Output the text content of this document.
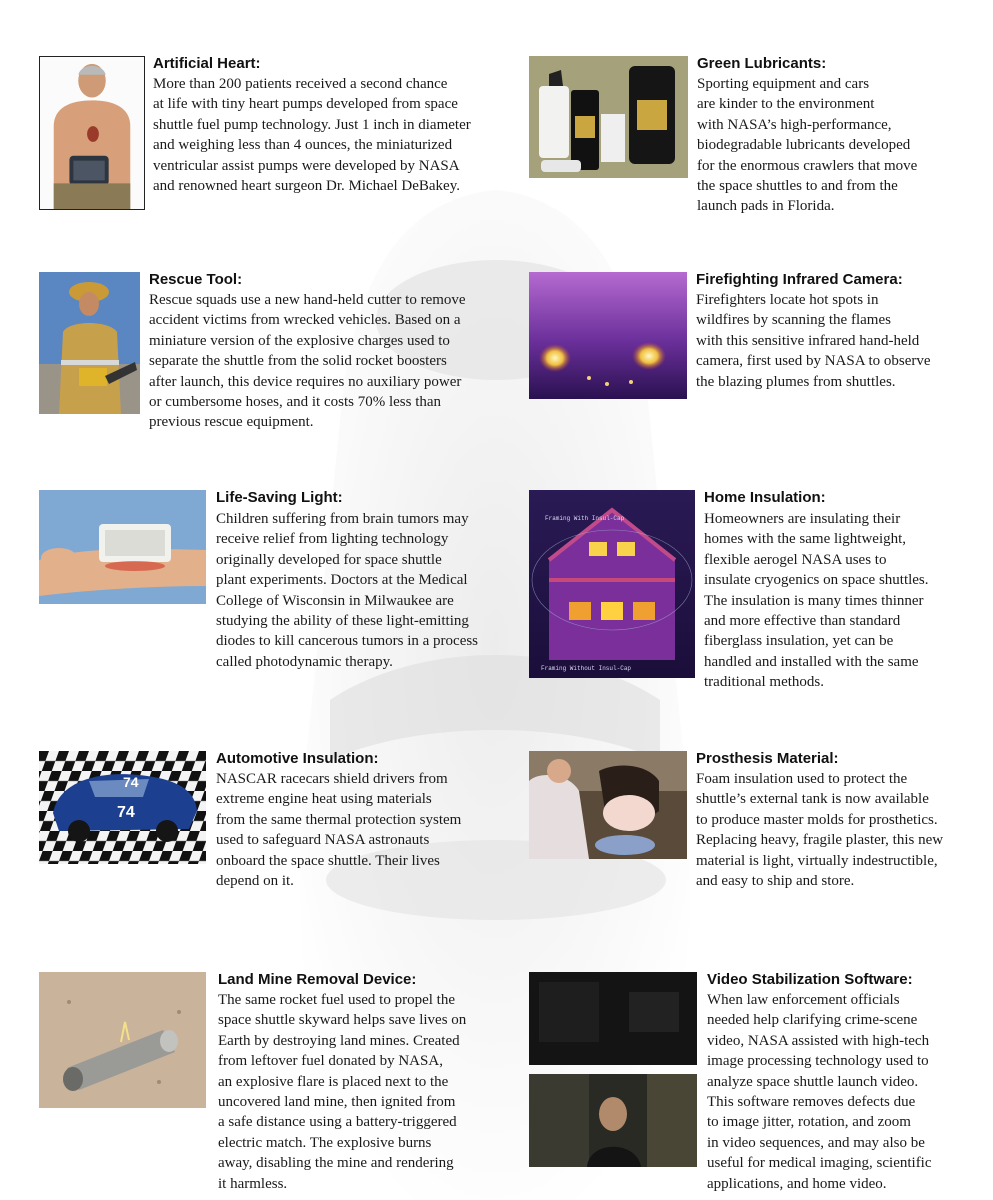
Artificial Heart:
More than 200 patients received a second chance
at life with tiny heart pumps developed from space
shuttle fuel pump technology. Just 1 inch in diameter
and weighing less than 4 ounces, the miniaturized
ventricular assist pumps were developed by NASA
and renowned heart surgeon Dr. Michael DeBakey.
Green Lubricants:
Sporting equipment and cars
are kinder to the environment
with NASA’s high-performance,
biodegradable lubricants developed
for the enormous crawlers that move
the space shuttles to and from the
launch pads in Florida.
Rescue Tool:
Rescue squads use a new hand-held cutter to remove
accident victims from wrecked vehicles. Based on a
miniature version of the explosive charges used to
separate the shuttle from the solid rocket boosters
after launch, this device requires no auxiliary power
or cumbersome hoses, and it costs 70% less than
previous rescue equipment.
Firefighting Infrared Camera:
Firefighters locate hot spots in
wildfires by scanning the flames
with this sensitive infrared hand-held
camera, first used by NASA to observe
the blazing plumes from shuttles.
Life-Saving Light:
Children suffering from brain tumors may
receive relief from lighting technology
originally developed for space shuttle
plant experiments. Doctors at the Medical
College of Wisconsin in Milwaukee are
studying the ability of these light-emitting
diodes to kill cancerous tumors in a process
called photodynamic therapy.
Framing With Insul-Cap
Framing Without Insul-Cap
Home Insulation:
Homeowners are insulating their
homes with the same lightweight,
flexible aerogel NASA uses to
insulate cryogenics on space shuttles.
The insulation is many times thinner
and more effective than standard
fiberglass insulation, yet can be
handled and installed with the same
traditional methods.
74
74
Automotive Insulation:
NASCAR racecars shield drivers from
extreme engine heat using materials
from the same thermal protection system
used to safeguard NASA astronauts
onboard the space shuttle. Their lives
depend on it.
Prosthesis Material:
Foam insulation used to protect the
shuttle’s external tank is now available
to produce master molds for prosthetics.
Replacing heavy, fragile plaster, this new
material is light, virtually indestructible,
and easy to ship and store.
Land Mine Removal Device:
The same rocket fuel used to propel the
space shuttle skyward helps save lives on
Earth by destroying land mines. Created
from leftover fuel donated by NASA,
an explosive flare is placed next to the
uncovered land mine, then ignited from
a safe distance using a battery-triggered
electric match. The explosive burns
away, disabling the mine and rendering
it harmless.
Video Stabilization Software:
When law enforcement officials
needed help clarifying crime-scene
video, NASA assisted with high-tech
image processing technology used to
analyze space shuttle launch video.
This software removes defects due
to image jitter, rotation, and zoom
in video sequences, and may also be
useful for medical imaging, scientific
applications, and home video.
